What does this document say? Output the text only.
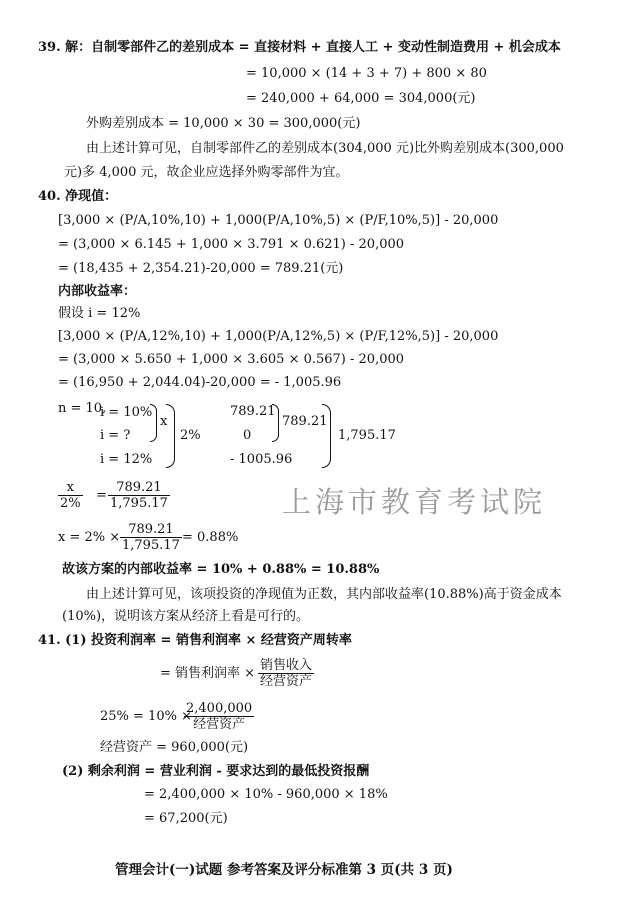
39. 解：自制零部件乙的差别成本 = 直接材料 + 直接人工 + 变动性制造费用 + 机会成本
= 10,000 × (14 + 3 + 7) + 800 × 80
= 240,000 + 64,000 = 304,000(元)
外购差别成本 = 10,000 × 30 = 300,000(元)
由上述计算可见，自制零部件乙的差别成本(304,000 元)比外购差别成本(300,000
元)多 4,000 元，故企业应选择外购零部件为宜。
40. 净现值：
[3,000 × (P/A,10%,10) + 1,000(P/A,10%,5) × (P/F,10%,5)] - 20,000
= (3,000 × 6.145 + 1,000 × 3.791 × 0.621) - 20,000
= (18,435 + 2,354.21)-20,000 = 789.21(元)
内部收益率：
假设 i = 12%
[3,000 × (P/A,12%,10) + 1,000(P/A,12%,5) × (P/F,12%,5)] - 20,000
= (3,000 × 5.650 + 1,000 × 3.605 × 0.567) - 20,000
= (16,950 + 2,044.04)-20,000 = - 1,005.96
n = 10,
i = 10%
i = ?
i = 12%
x
2%
789.21
0
- 1005.96
789.21
1,795.17
x
2%
=
789.21
1,795.17
x = 2% ×
789.21
1,795.17
= 0.88%
故该方案的内部收益率 = 10% + 0.88% = 10.88%
由上述计算可见，该项投资的净现值为正数，其内部收益率(10.88%)高于资金成本
(10%)，说明该方案从经济上看是可行的。
41. (1) 投资利润率 = 销售利润率 × 经营资产周转率
= 销售利润率 ×
销售收入
经营资产
25% = 10% ×
2,400,000
经营资产
经营资产 = 960,000(元)
(2) 剩余利润 = 营业利润 - 要求达到的最低投资报酬
= 2,400,000 × 10% - 960,000 × 18%
= 67,200(元)
上海市教育考试院
管理会计(一)试题 参考答案及评分标准第 3 页(共 3 页)
